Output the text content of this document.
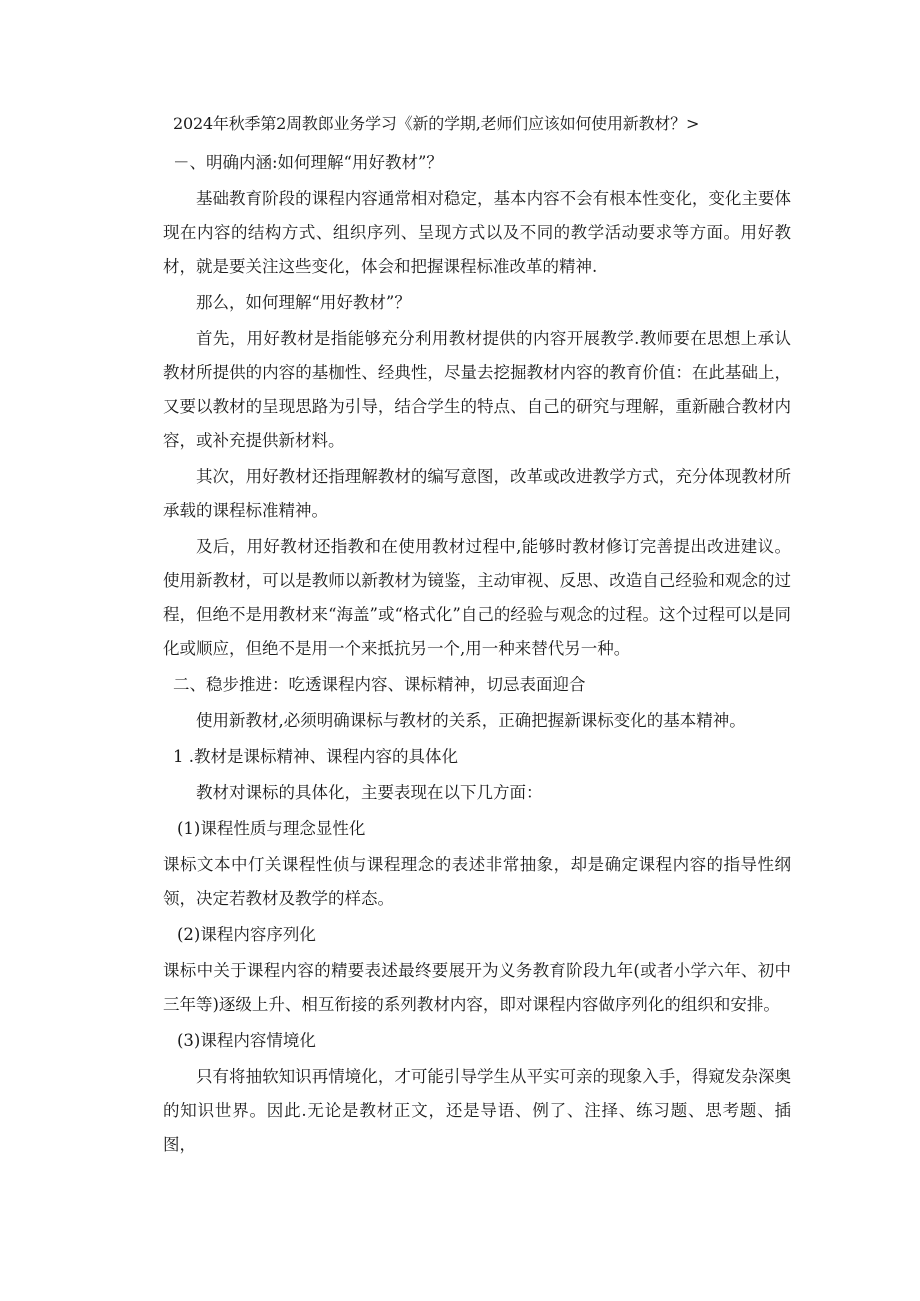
2024年秋季第2周教郎业务学习《新的学期,老师们应该如何使用新教材？>
－、明确内涵:如何理解“用好教材”？
基础教育阶段的课程内容通常相对稳定，基本内容不会有根本性变化，变化主要体现在内容的结构方式、组织序列、呈现方式以及不同的教学活动要求等方面。用好教材，就是要关注这些变化，体会和把握课程标准改革的精神.
那么，如何理解“用好教材”？
首先，用好教材是指能够充分利用教材提供的内容开展教学.教师要在思想上承认教材所提供的内容的基枷性、经典性，尽量去挖掘教材内容的教育价值：在此基础上，又要以教材的呈现思路为引导，结合学生的特点、自己的研究与理解，重新融合教材内容，或补充提供新材料。
其次，用好教材还指理解教材的编写意图，改革或改进教学方式，充分体现教材所承载的课程标准精神。
及后，用好教材还指教和在使用教材过程中,能够时教材修订完善提出改进建议。使用新教材，可以是教师以新教材为镜鉴，主动审视、反思、改造自己经验和观念的过程，但绝不是用教材来“海盖”或“格式化”自己的经验与观念的过程。这个过程可以是同化或顺应，但绝不是用一个来抵抗另一个,用一种来替代另一种。
二、稳步推进：吃透课程内容、课标精神，切忌表面迎合
使用新教材,必须明确课标与教材的关系，正确把握新课标变化的基本精神。
1 .教材是课标精神、课程内容的具体化
教材对课标的具体化，主要表现在以下几方面：
(1)课程性质与理念显性化
课标文本中仃关课程性侦与课程理念的表述非常抽象，却是确定课程内容的指导性纲领，决定若教材及教学的样态。
(2)课程内容序列化
课标中关于课程内容的精要表述最终要展开为义务教育阶段九年(或者小学六年、初中三年等)逐级上升、相互衔接的系列教材内容，即对课程内容做序列化的组织和安排。
(3)课程内容情境化
只有将抽软知识再情境化，才可能引导学生从平实可亲的现象入手，得窥发杂深奥的知识世界。因此.无论是教材正文，还是导语、例了、注择、练习题、思考题、插图，
